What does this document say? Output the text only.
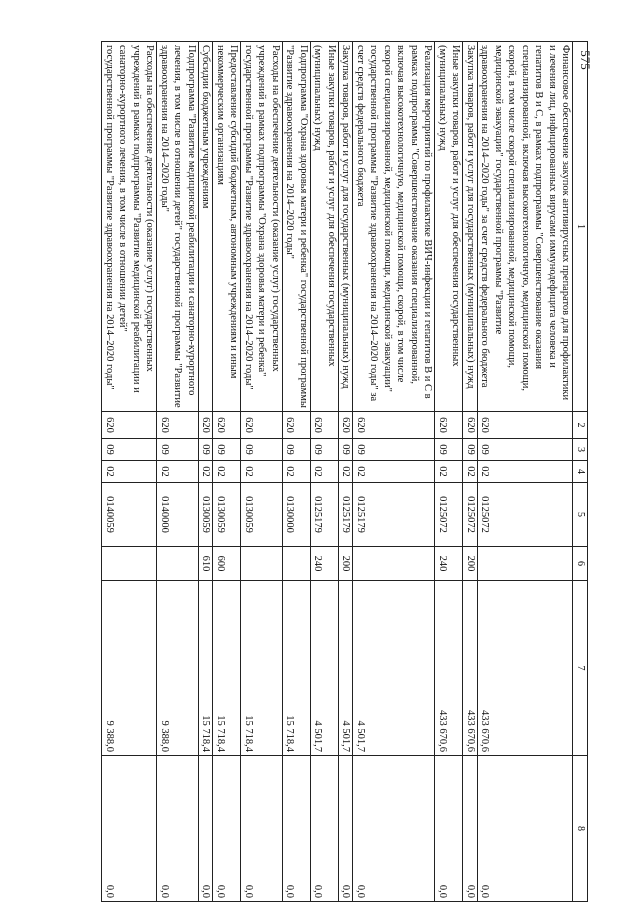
575
1	2	3	4	5	6	7	8
Финансовое обеспечение закупок антивирусных препаратов для профилактики и лечения лиц, инфицированных вирусами иммунодефицита человека и гепатитов В и С, в рамках подпрограммы "Совершенствование оказания специализированной, включая высокотехнологичную, медицинской помощи, скорой, в том числе скорой специализированной, медицинской помощи, медицинской эвакуации" государственной программы "Развитие здравоохранения на 2014–2020 годы" за счет средств федерального бюджета	620	09	02	0125072		433 670,6	0,0
Закупка товаров, работ и услуг для государственных (муниципальных) нужд	620	09	02	0125072	200	433 670,6	0,0
Иные закупки товаров, работ и услуг для обеспечения государственных (муниципальных) нужд	620	09	02	0125072	240	433 670,6	0,0
Реализация мероприятий по профилактике ВИЧ-инфекции и гепатитов В и С в рамках подпрограммы "Совершенствование оказания специализированной, включая высокотехнологичную, медицинской помощи, скорой, в том числе скорой специализированной, медицинской помощи, медицинской эвакуации" государственной программы "Развитие здравоохранения на 2014–2020 годы" за счет средств федерального бюджета	620	09	02	0125179		4 501,7	0,0
Закупка товаров, работ и услуг для государственных (муниципальных) нужд	620	09	02	0125179	200	4 501,7	0,0
Иные закупки товаров, работ и услуг для обеспечения государственных (муниципальных) нужд	620	09	02	0125179	240	4 501,7	0,0
Подпрограмма "Охрана здоровья матери и ребенка" государственной программы "Развитие здравоохранения на 2014–2020 годы"	620	09	02	0130000		15 718,4	0,0
Расходы на обеспечение деятельности (оказание услуг) государственных учреждений в рамках подпрограммы "Охрана здоровья матери и ребенка" государственной программы "Развитие здравоохранения на 2014–2020 годы"	620	09	02	0130059		15 718,4	0,0
Предоставление субсидий бюджетным, автономным учреждениям и иным некоммерческим организациям	620	09	02	0130059	600	15 718,4	0,0
Субсидии бюджетным учреждениям	620	09	02	0130059	610	15 718,4	0,0
Подпрограмма "Развитие медицинской реабилитации и санаторно-курортного лечения, в том числе в отношении детей" государственной программы "Развитие здравоохранения на 2014–2020 годы"	620	09	02	0140000		9 388,0	0,0
Расходы на обеспечение деятельности (оказание услуг) государственных учреждений в рамках подпрограммы "Развитие медицинской реабилитации и санаторно-курортного лечения, в том числе в отношении детей" государственной программы "Развитие здравоохранения на 2014–2020 годы"	620	09	02	0140059		9 388,0	0,0
